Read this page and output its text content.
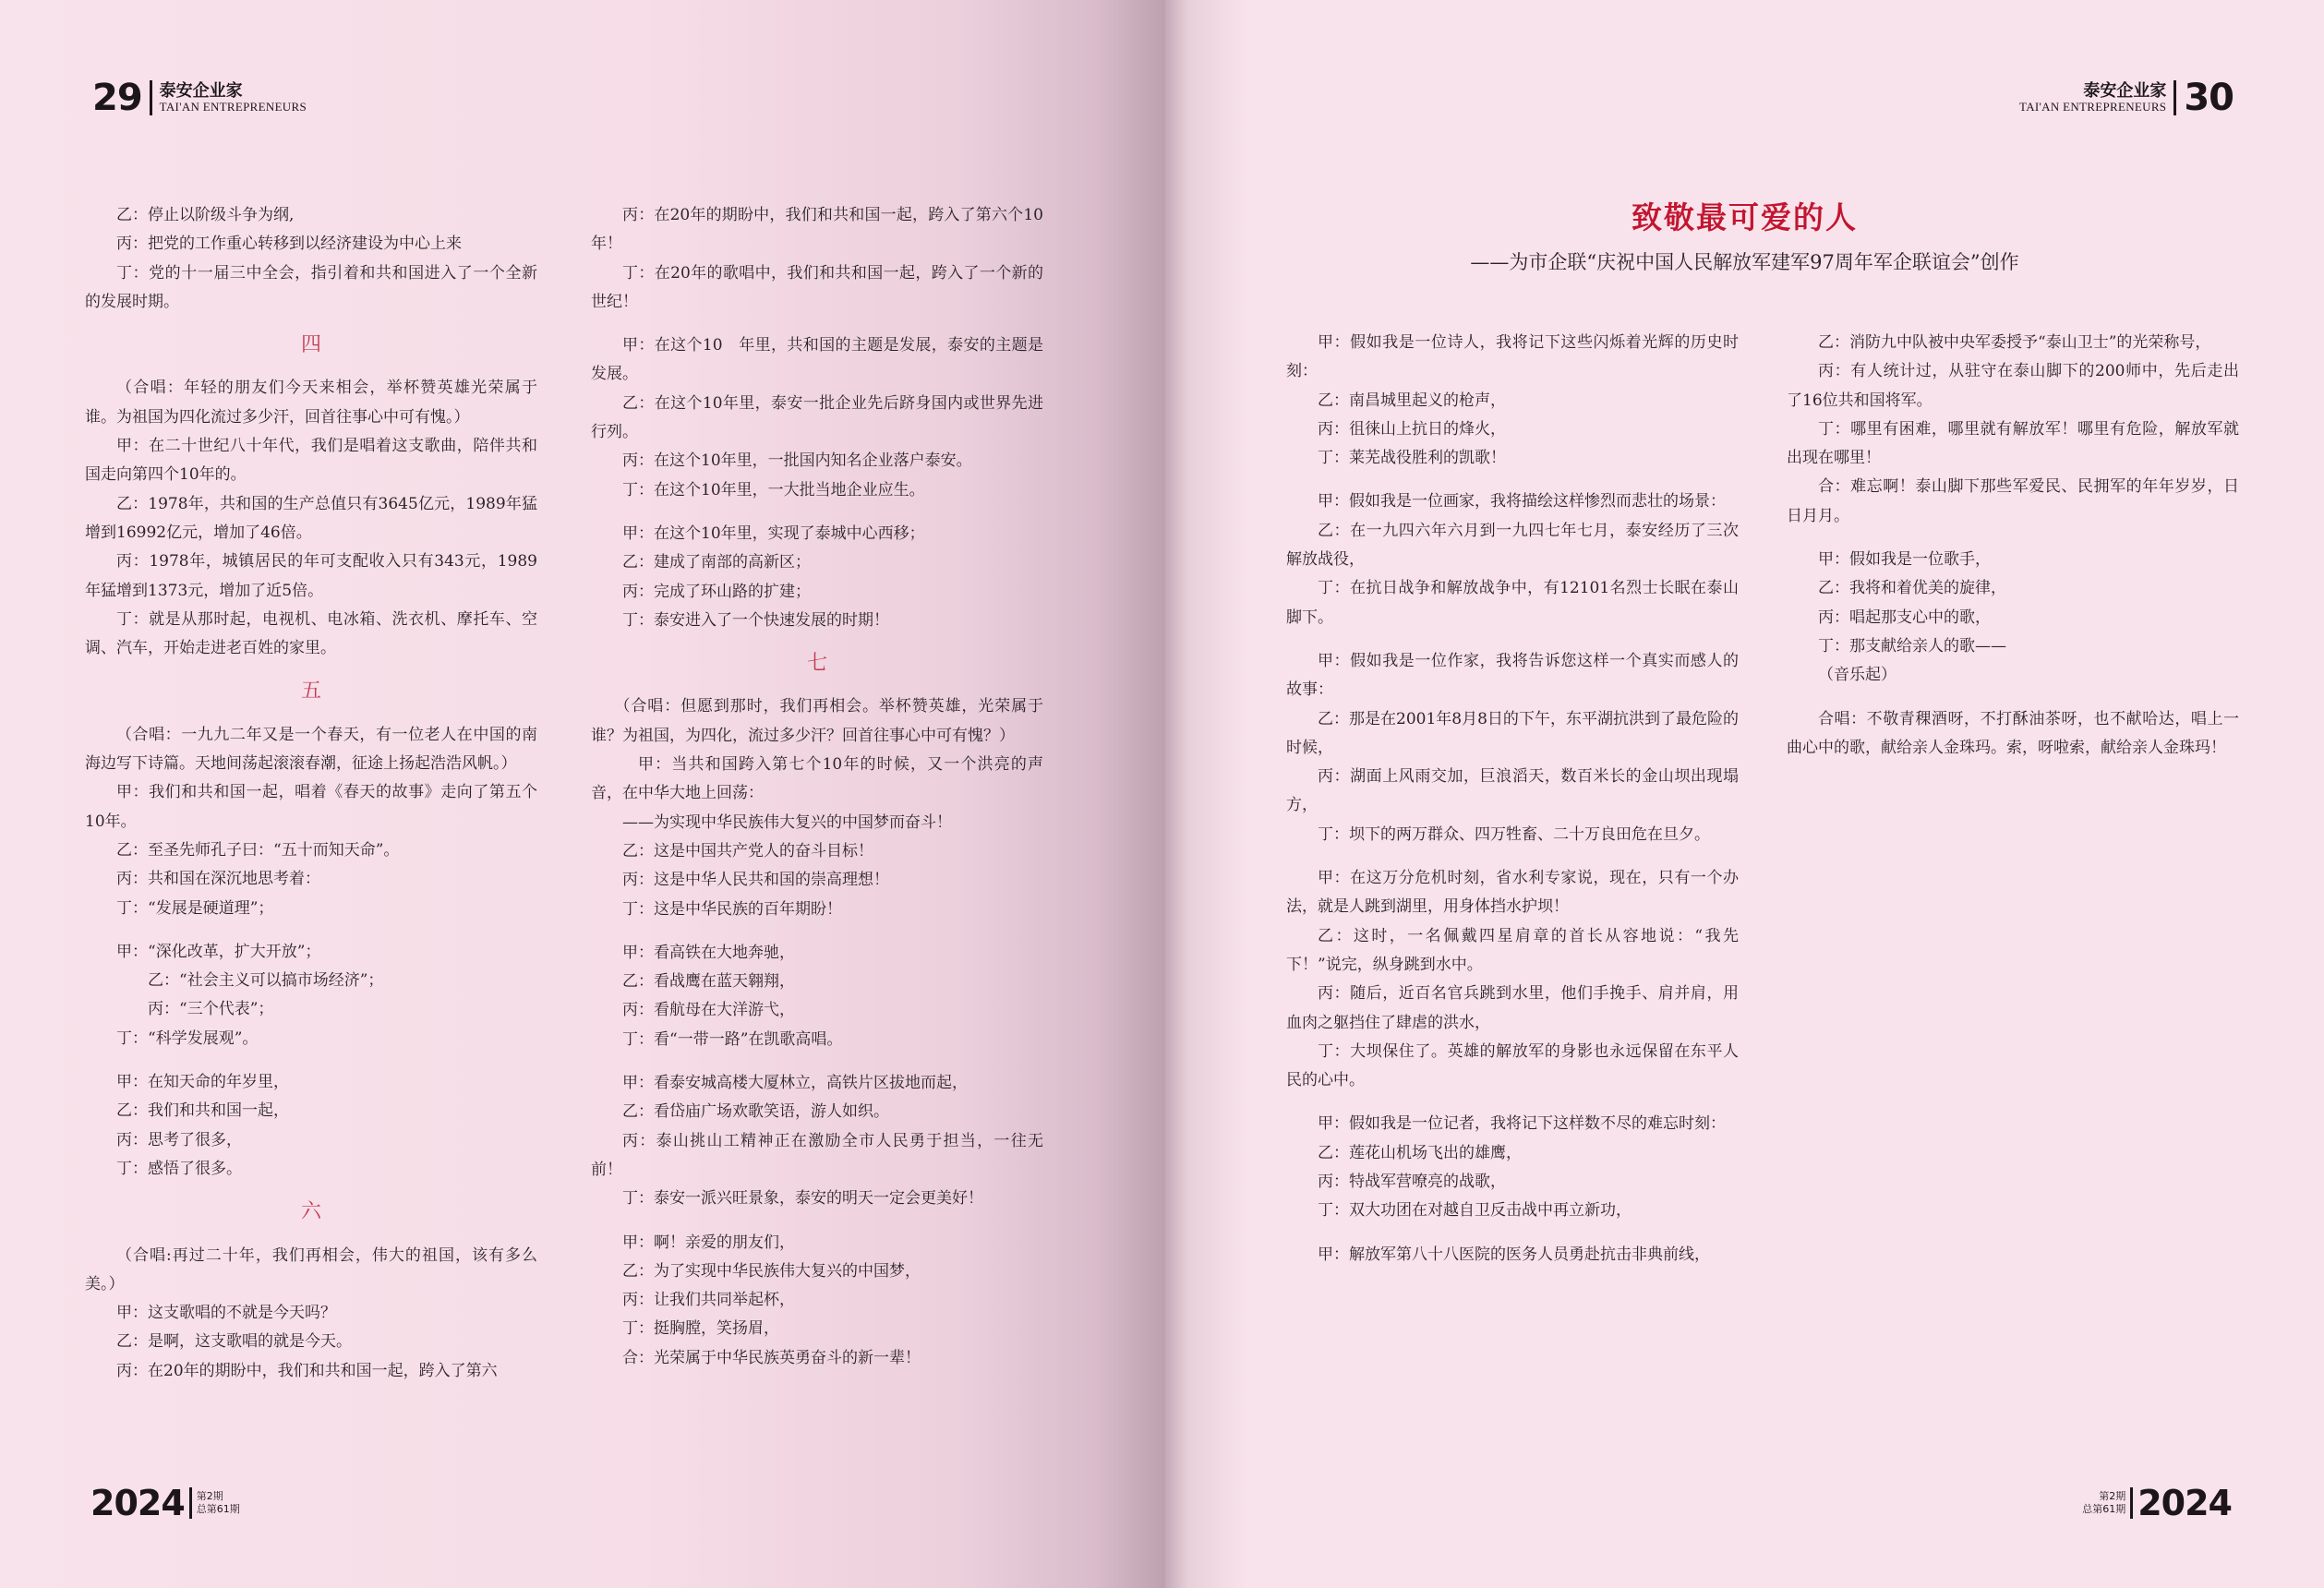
29 泰安企业家
TAI'AN ENTREPRENEURS
泰安企业家
TAI'AN ENTREPRENEURS 30
2024 第2期
总第61期
第2期
总第61期 2024
致敬最可爱的人
——为市企联“庆祝中国人民解放军建军97周年军企联谊会”创作

乙：停止以阶级斗争为纲,

丙：把党的工作重心转移到以经济建设为中心上来

丁：党的十一届三中全会，指引着和共和国进入了一个全新的发展时期。

四

（合唱：年轻的朋友们今天来相会，举杯赞英雄光荣属于谁。为祖国为四化流过多少汗，回首往事心中可有愧。）

甲：在二十世纪八十年代，我们是唱着这支歌曲，陪伴共和国走向第四个10年的。

乙：1978年，共和国的生产总值只有3645亿元，1989年猛增到16992亿元，增加了46倍。

丙：1978年，城镇居民的年可支配收入只有343元，1989年猛增到1373元，增加了近5倍。

丁：就是从那时起，电视机、电冰箱、洗衣机、摩托车、空调、汽车，开始走进老百姓的家里。

五

（合唱：一九九二年又是一个春天，有一位老人在中国的南海边写下诗篇。天地间荡起滚滚春潮，征途上扬起浩浩风帆。）

甲：我们和共和国一起，唱着《春天的故事》走向了第五个10年。

乙：至圣先师孔子曰：“五十而知天命”。

丙：共和国在深沉地思考着：

丁：“发展是硬道理”；

甲：“深化改革，扩大开放”；

乙：“社会主义可以搞市场经济”；

丙：“三个代表”；

丁：“科学发展观”。

甲：在知天命的年岁里，

乙：我们和共和国一起，

丙：思考了很多，

丁：感悟了很多。

六

（合唱:再过二十年，我们再相会，伟大的祖国，该有多么美。）

甲：这支歌唱的不就是今天吗？

乙：是啊，这支歌唱的就是今天。

丙：在20年的期盼中，我们和共和国一起，跨入了第六

丙：在20年的期盼中，我们和共和国一起，跨入了第六个10年！

丁：在20年的歌唱中，我们和共和国一起，跨入了一个新的世纪！

甲：在这个10　年里，共和国的主题是发展，泰安的主题是发展。

乙：在这个10年里，泰安一批企业先后跻身国内或世界先进行列。

丙：在这个10年里，一批国内知名企业落户泰安。

丁：在这个10年里，一大批当地企业应生。

甲：在这个10年里，实现了泰城中心西移；

乙：建成了南部的高新区；

丙：完成了环山路的扩建；

丁：泰安进入了一个快速发展的时期！

七

（合唱：但愿到那时，我们再相会。举杯赞英雄，光荣属于谁？为祖国，为四化，流过多少汗？回首往事心中可有愧？）

甲：当共和国跨入第七个10年的时候，又一个洪亮的声音，在中华大地上回荡：

——为实现中华民族伟大复兴的中国梦而奋斗！

乙：这是中国共产党人的奋斗目标！

丙：这是中华人民共和国的崇高理想！

丁：这是中华民族的百年期盼！

甲：看高铁在大地奔驰，

乙：看战鹰在蓝天翱翔，

丙：看航母在大洋游弋，

丁：看“一带一路”在凯歌高唱。

甲：看泰安城高楼大厦林立，高铁片区拔地而起，

乙：看岱庙广场欢歌笑语，游人如织。

丙：泰山挑山工精神正在激励全市人民勇于担当，一往无前！

丁：泰安一派兴旺景象，泰安的明天一定会更美好！

甲：啊！亲爱的朋友们，

乙：为了实现中华民族伟大复兴的中国梦，

丙：让我们共同举起杯，

丁：挺胸膛，笑扬眉，

合：光荣属于中华民族英勇奋斗的新一辈！

甲：假如我是一位诗人，我将记下这些闪烁着光辉的历史时刻：

乙：南昌城里起义的枪声，

丙：徂徕山上抗日的烽火，

丁：莱芜战役胜利的凯歌！

甲：假如我是一位画家，我将描绘这样惨烈而悲壮的场景：

乙：在一九四六年六月到一九四七年七月，泰安经历了三次解放战役，

丁：在抗日战争和解放战争中，有12101名烈士长眠在泰山脚下。

甲：假如我是一位作家，我将告诉您这样一个真实而感人的故事：

乙：那是在2001年8月8日的下午，东平湖抗洪到了最危险的时候，

丙：湖面上风雨交加，巨浪滔天，数百米长的金山坝出现塌方，

丁：坝下的两万群众、四万牲畜、二十万良田危在旦夕。

甲：在这万分危机时刻，省水利专家说，现在，只有一个办法，就是人跳到湖里，用身体挡水护坝！

乙：这时，一名佩戴四星肩章的首长从容地说：“我先下！”说完，纵身跳到水中。

丙：随后，近百名官兵跳到水里，他们手挽手、肩并肩，用血肉之躯挡住了肆虐的洪水，

丁：大坝保住了。英雄的解放军的身影也永远保留在东平人民的心中。

甲：假如我是一位记者，我将记下这样数不尽的难忘时刻：

乙：莲花山机场飞出的雄鹰，

丙：特战军营嘹亮的战歌，

丁：双大功团在对越自卫反击战中再立新功，

甲：解放军第八十八医院的医务人员勇赴抗击非典前线，

乙：消防九中队被中央军委授予“泰山卫士”的光荣称号，

丙：有人统计过，从驻守在泰山脚下的200师中，先后走出了16位共和国将军。

丁：哪里有困难，哪里就有解放军！哪里有危险，解放军就出现在哪里！

合：难忘啊！泰山脚下那些军爱民、民拥军的年年岁岁，日日月月。

甲：假如我是一位歌手，

乙：我将和着优美的旋律，

丙：唱起那支心中的歌，

丁：那支献给亲人的歌——

（音乐起）

合唱：不敬青稞酒呀，不打酥油茶呀，也不献哈达，唱上一曲心中的歌，献给亲人金珠玛。索，呀啦索，献给亲人金珠玛！
